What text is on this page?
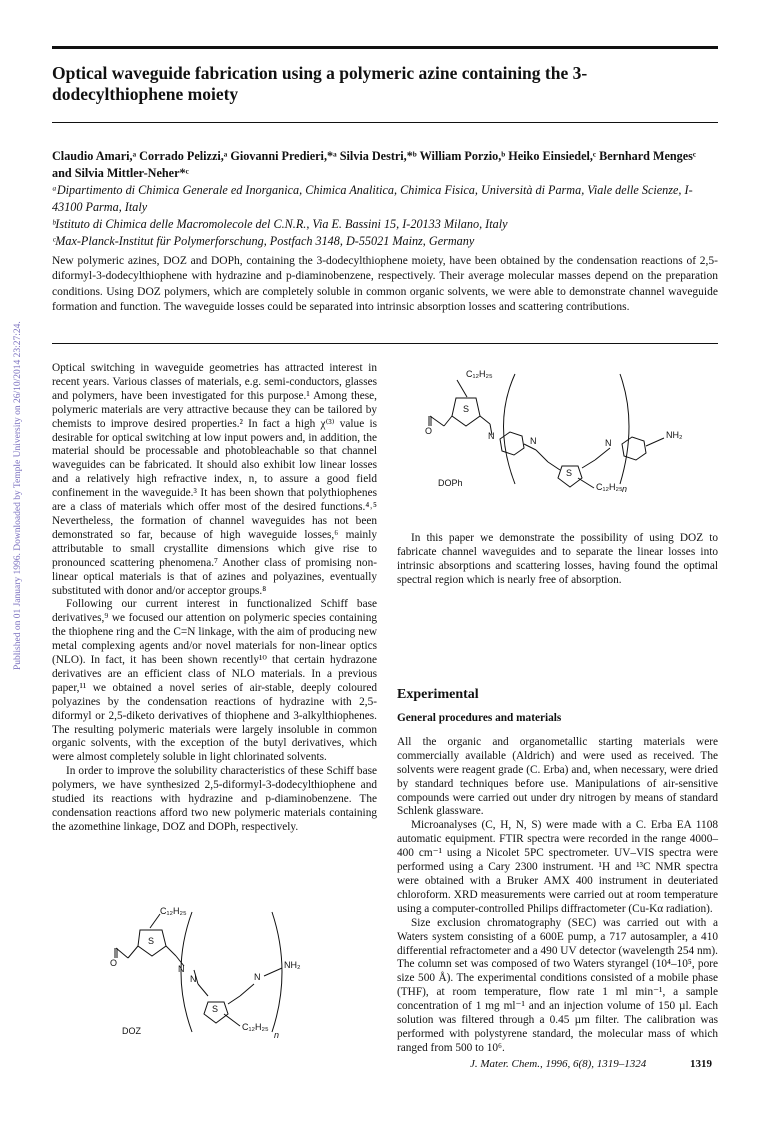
Optical waveguide fabrication using a polymeric azine containing the 3-dodecylthiophene moiety
Claudio Amari,ᵃ Corrado Pelizzi,ᵃ Giovanni Predieri,*ᵃ Silvia Destri,*ᵇ William Porzio,ᵇ Heiko Einsiedel,ᶜ Bernhard Mengesᶜ and Silvia Mittler-Neher*ᶜ
ᵃDipartimento di Chimica Generale ed Inorganica, Chimica Analitica, Chimica Fisica, Università di Parma, Viale delle Scienze, I-43100 Parma, Italy
ᵇIstituto di Chimica delle Macromolecole del C.N.R., Via E. Bassini 15, I-20133 Milano, Italy
ᶜMax-Planck-Institut für Polymerforschung, Postfach 3148, D-55021 Mainz, Germany
New polymeric azines, DOZ and DOPh, containing the 3-dodecylthiophene moiety, have been obtained by the condensation reactions of 2,5-diformyl-3-dodecylthiophene with hydrazine and p-diaminobenzene, respectively. Their average molecular masses depend on the preparation conditions. Using DOZ polymers, which are completely soluble in common organic solvents, we were able to demonstrate channel waveguide formation and function. The waveguide losses could be separated into intrinsic absorption losses and scattering contributions.
Published on 01 January 1996. Downloaded by Temple University on 26/10/2014 23:27:24.	Optical switching in waveguide geometries has attracted interest in recent years. Various classes of materials, e.g. semi-conductors, glasses and polymers, have been investigated for this purpose.¹ Among these, polymeric materials are very attractive because they can be tailored by chemists to improve desired properties.² In fact a high χ⁽³⁾ value is desirable for optical switching at low input powers and, in addition, the material should be processable and photobleachable so that channel waveguides can be fabricated. It should also exhibit low linear losses and a relatively high refractive index, n, to assure a good field confinement in the waveguide.³ It has been shown that polythiophenes are a class of materials which offer most of the desired functions.⁴˒⁵ Nevertheless, the formation of channel waveguides has not been demonstrated so far, because of high waveguide losses,⁶ mainly attributable to small crystallite dimensions which give rise to pronounced scattering phenomena.⁷ Another class of promising non-linear optical materials is that of azines and polyazines, eventually substituted with donor and/or acceptor groups.⁸

Following our current interest in functionalized Schiff base derivatives,⁹ we focused our attention on polymeric species containing the thiophene ring and the C=N linkage, with the aim of producing new metal complexing agents and/or novel materials for non-linear optics (NLO). In fact, it has been shown recently¹⁰ that certain hydrazone derivatives are an efficient class of NLO materials. In a previous paper,¹¹ we obtained a novel series of air-stable, deeply coloured polyazines by the condensation reactions of hydrazine with 2,5-diformyl or 2,5-diketo derivatives of thiophene and 3-alkylthiophenes. The resulting polymeric materials were largely insoluble in common organic solvents, with the exception of the butyl derivatives, which were almost completely soluble in light chlorinated solvents.

In order to improve the solubility characteristics of these Schiff base polymers, we have synthesized 2,5-diformyl-3-dodecylthiophene and studied its reactions with hydrazine and p-diaminobenzene. The condensation reactions afford two new polymeric materials containing the azomethine linkage, DOZ and DOPh, respectively.

C₁₂H₂₅
S
O	N	N
S
N
NH₂
C₁₂H₂₅ n
DOPh

In this paper we demonstrate the possibility of using DOZ to fabricate channel waveguides and to separate the linear losses into intrinsic absorptions and scattering losses, having found the optimal spectral region which is nearly free of absorption.

Experimental
General procedures and materials

All the organic and organometallic starting materials were commercially available (Aldrich) and were used as received. The solvents were reagent grade (C. Erba) and, when necessary, were dried by standard techniques before use. Manipulations of air-sensitive compounds were carried out under dry nitrogen by means of standard Schlenk glassware.

Microanalyses (C, H, N, S) were made with a C. Erba EA 1108 automatic equipment. FTIR spectra were recorded in the range 4000–400 cm⁻¹ using a Nicolet 5PC spectrometer. UV–VIS spectra were performed using a Cary 2300 instrument. ¹H and ¹³C NMR spectra were obtained with a Bruker AMX 400 instrument in deuteriated chloroform. XRD measurements were carried out at room temperature using a computer-controlled Philips diffractometer (Cu-Kα radiation).

Size exclusion chromatography (SEC) was carried out with a Waters system consisting of a 600E pump, a 717 autosampler, a 410 differential refractometer and a 490 UV detector (wavelength 254 nm). The column set was composed of two Waters styrangel (10⁴–10⁵, pore size 500 Å). The experimental conditions consisted of a mobile phase (THF), at room temperature, flow rate 1 ml min⁻¹, a sample concentration of 1 mg ml⁻¹ and an injection volume of 150 µl. Each solution was filtered through a 0.45 µm filter. The calibration was performed with polystyrene standard, the molecular mass of which ranged from 500 to 10⁶.

C₁₂H₂₅
S
O
N
N
S
N
NH₂
C₁₂H₂₅
n
DOZ
J. Mater. Chem., 1996, 6(8), 1319–1324	1319
